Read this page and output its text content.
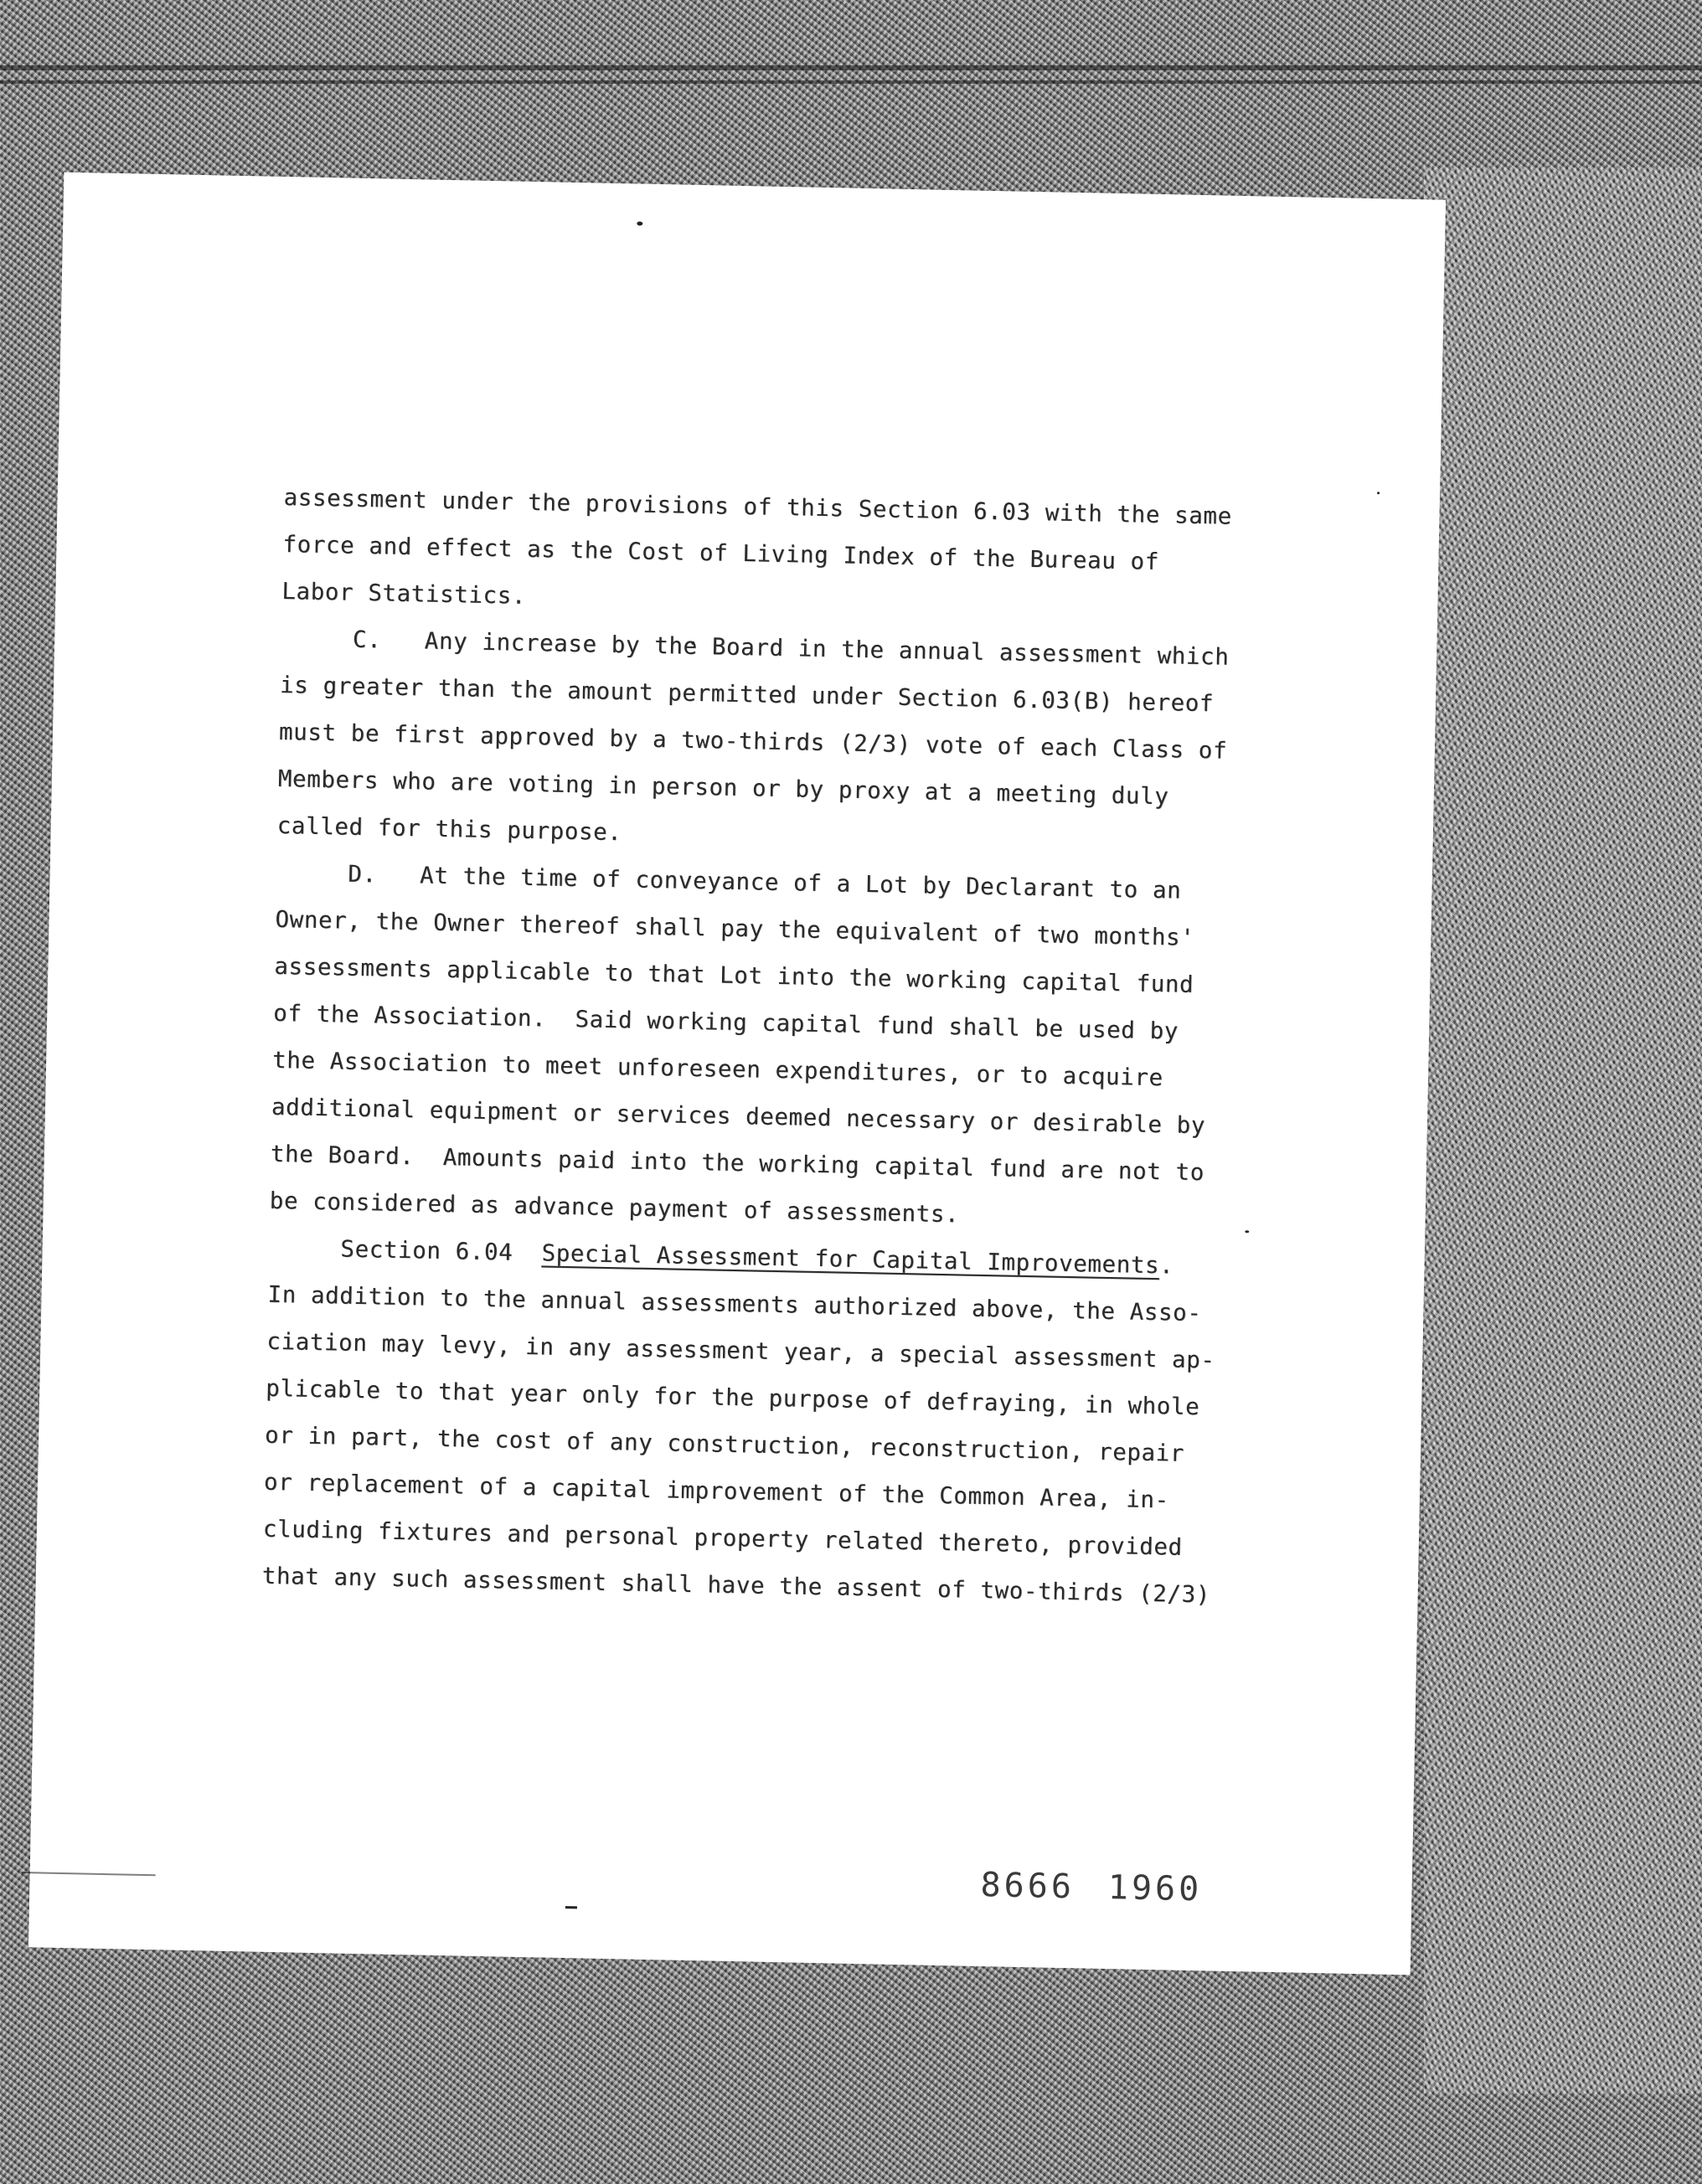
assessment under the provisions of this Section 6.03 with the same
force and effect as the Cost of Living Index of the Bureau of
Labor Statistics.
C.   Any increase by the Board in the annual assessment which
is greater than the amount permitted under Section 6.03(B) hereof
must be first approved by a two-thirds (2/3) vote of each Class of
Members who are voting in person or by proxy at a meeting duly
called for this purpose.
D.   At the time of conveyance of a Lot by Declarant to an
Owner, the Owner thereof shall pay the equivalent of two months'
assessments applicable to that Lot into the working capital fund
of the Association.  Said working capital fund shall be used by
the Association to meet unforeseen expenditures, or to acquire
additional equipment or services deemed necessary or desirable by
the Board.  Amounts paid into the working capital fund are not to
be considered as advance payment of assessments.
Section 6.04  Special Assessment for Capital Improvements.
In addition to the annual assessments authorized above, the Asso-
ciation may levy, in any assessment year, a special assessment ap-
plicable to that year only for the purpose of defraying, in whole
or in part, the cost of any construction, reconstruction, repair
or replacement of a capital improvement of the Common Area, in-
cluding fixtures and personal property related thereto, provided
that any such assessment shall have the assent of two-thirds (2/3)
8666 1960
